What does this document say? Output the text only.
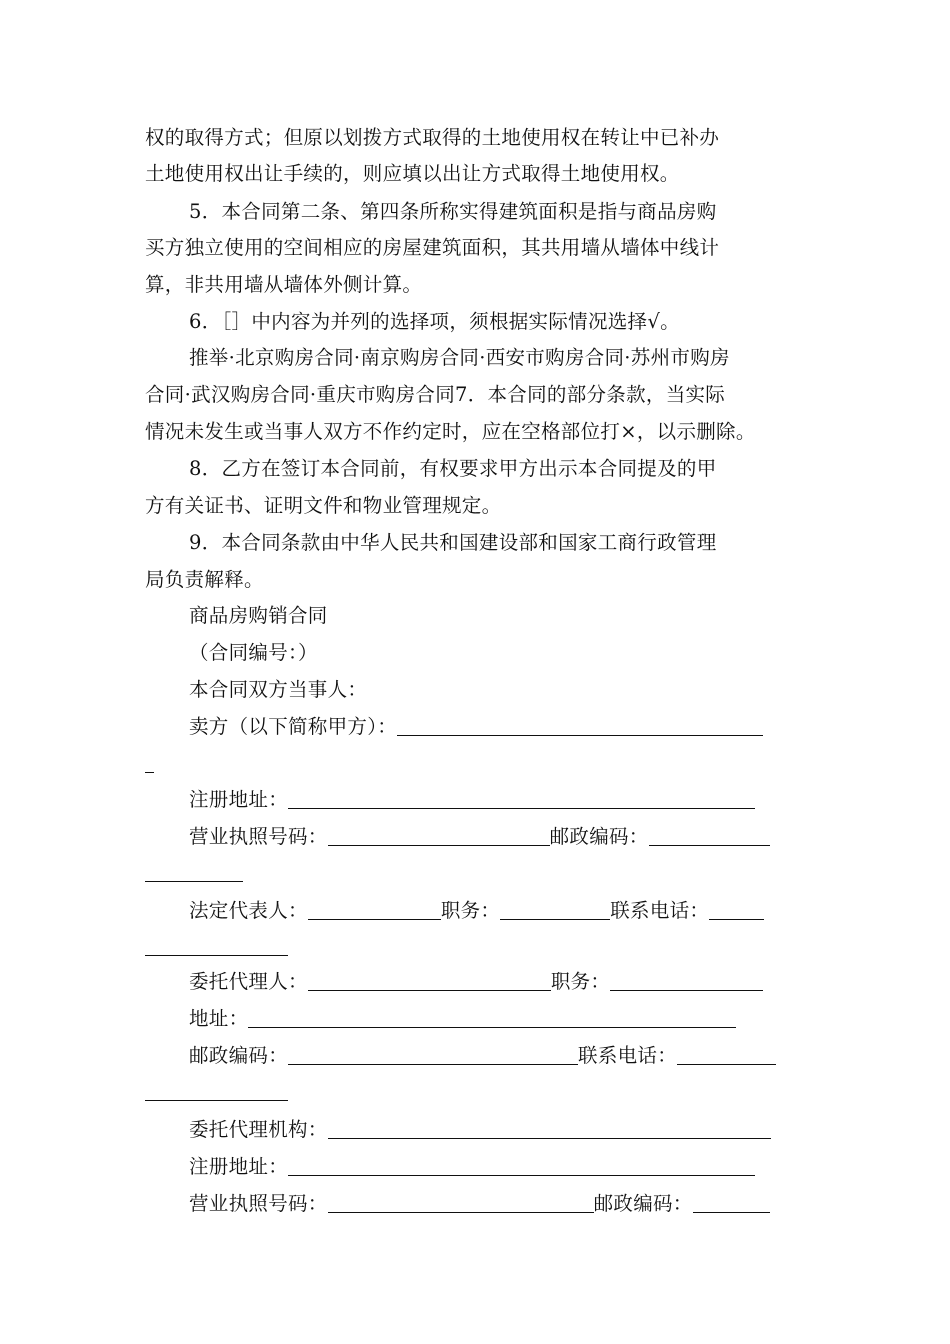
权的取得方式；但原以划拨方式取得的土地使用权在转让中已补办
土地使用权出让手续的，则应填以出让方式取得土地使用权。
5．本合同第二条、第四条所称实得建筑面积是指与商品房购
买方独立使用的空间相应的房屋建筑面积，其共用墙从墙体中线计
算，非共用墙从墙体外侧计算。
6．［］中内容为并列的选择项，须根据实际情况选择√。
推举·北京购房合同·南京购房合同·西安市购房合同·苏州市购房
合同·武汉购房合同·重庆市购房合同7．本合同的部分条款，当实际
情况未发生或当事人双方不作约定时，应在空格部位打×，以示删除。
8．乙方在签订本合同前，有权要求甲方出示本合同提及的甲
方有关证书、证明文件和物业管理规定。
9．本合同条款由中华人民共和国建设部和国家工商行政管理
局负责解释。
商品房购销合同
（合同编号：）
本合同双方当事人：
卖方（以下简称甲方）：
注册地址：
营业执照号码：	邮政编码：
法定代表人：	职务：	联系电话：
委托代理人：	职务：
地址：
邮政编码：	联系电话：
委托代理机构：
注册地址：
营业执照号码：	邮政编码：
